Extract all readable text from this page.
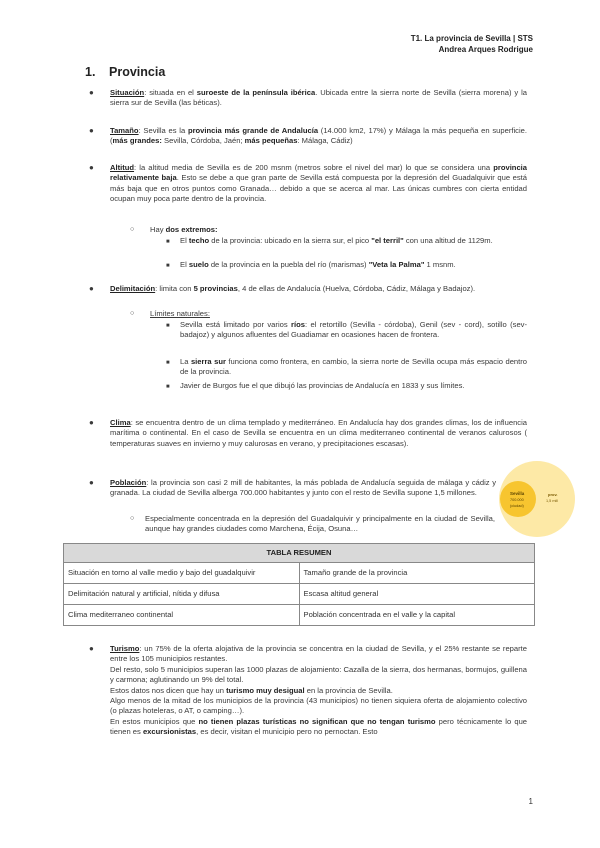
T1. La provincia de Sevilla | STS
Andrea Arques Rodrigue
1. Provincia
● Situación: situada en el suroeste de la península ibérica. Ubicada entre la sierra norte de Sevilla (sierra morena) y la sierra sur de Sevilla (las béticas).
● Tamaño: Sevilla es la provincia más grande de Andalucía (14.000 km2, 17%) y Málaga la más pequeña en superficie. (más grandes: Sevilla, Córdoba, Jaén; más pequeñas: Málaga, Cádiz)
● Altitud: la altitud media de Sevilla es de 200 msnm (metros sobre el nivel del mar) lo que se considera una provincia relativamente baja. Esto se debe a que gran parte de Sevilla está compuesta por la depresión del Guadalquivir que está más baja que en otros puntos como Granada… debido a que se acerca al mar. Las únicas cumbres con cierta entidad ocupan muy poca parte dentro de la provincia.
○ Hay dos extremos:
■ El techo de la provincia: ubicado en la sierra sur, el pico "el terril" con una altitud de 1129m.
■ El suelo de la provincia en la puebla del río (marismas) "Veta la Palma" 1 msnm.
● Delimitación: limita con 5 provincias, 4 de ellas de Andalucía (Huelva, Córdoba, Cádiz, Málaga y Badajoz).
○ Límites naturales:
■ Sevilla está limitado por varios ríos: el retortillo (Sevilla - córdoba), Genil (sev - cord), sotillo (sev- badajoz) y algunos afluentes del Guadiamar en ocasiones hacen de frontera.
■ La sierra sur funciona como frontera, en cambio, la sierra norte de Sevilla ocupa más espacio dentro de la provincia.
■ Javier de Burgos fue el que dibujó las provincias de Andalucía en 1833 y sus límites.
● Clima: se encuentra dentro de un clima templado y mediterráneo. En Andalucía hay dos grandes climas, los de influencia marítima o continental. En el caso de Sevilla se encuentra en un clima mediterraneo continental de veranos calurosos ( temperaturas suaves en invierno y muy calurosas en verano, y precipitaciones escasas).
● Población: la provincia son casi 2 mill de habitantes, la más poblada de Andalucía seguida de málaga y cádiz y granada. La ciudad de Sevilla alberga 700.000 habitantes y junto con el resto de Sevilla supone 1,5 millones.
○ Especialmente concentrada en la depresión del Guadalquivir y principalmente en la ciudad de Sevilla, aunque hay grandes ciudades como Marchena, Écija, Osuna…
Sevilla
700.000
(ciudad)
prov.
1,5 mill
TABLA RESUMEN	
Situación en torno al valle medio y bajo del guadalquivir	Tamaño grande de la provincia
Delimitación natural y artificial, nítida y difusa	Escasa altitud general
Clima mediterraneo continental	Población concentrada en el valle y la capital
● Turismo: un 75% de la oferta alojativa de la provincia se concentra en la ciudad de Sevilla, y el 25% restante se reparte entre los 105 municipios restantes.
Del resto, solo 5 municipios superan las 1000 plazas de alojamiento: Cazalla de la sierra, dos hermanas, bormujos, guillena y carmona; aglutinando un 9% del total.
Estos datos nos dicen que hay un turismo muy desigual en la provincia de Sevilla.
Algo menos de la mitad de los municipios de la provincia (43 municipios) no tienen siquiera oferta de alojamiento colectivo (o plazas hoteleras, o AT, o camping…).
En estos municipios que no tienen plazas turísticas no significan que no tengan turismo pero técnicamente lo que tienen es excursionistas, es decir, visitan el municipio pero no pernoctan. Esto
1
